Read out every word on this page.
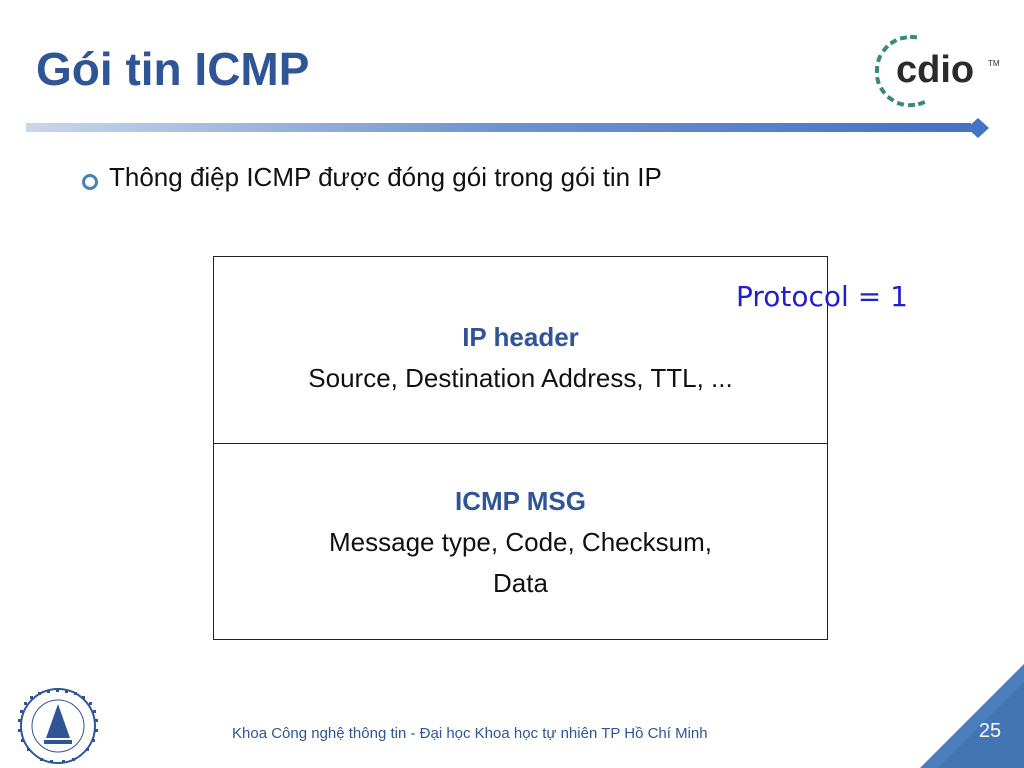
Gói tin ICMP	cdio TM
Thông điệp ICMP được đóng gói trong gói tin IP
IP header
Source, Destination Address, TTL, ...
ICMP MSG
Message type, Code, Checksum,
Data
Protocol = 1
Khoa Công nghệ thông tin - Đại học Khoa học tự nhiên TP Hồ Chí Minh	25
